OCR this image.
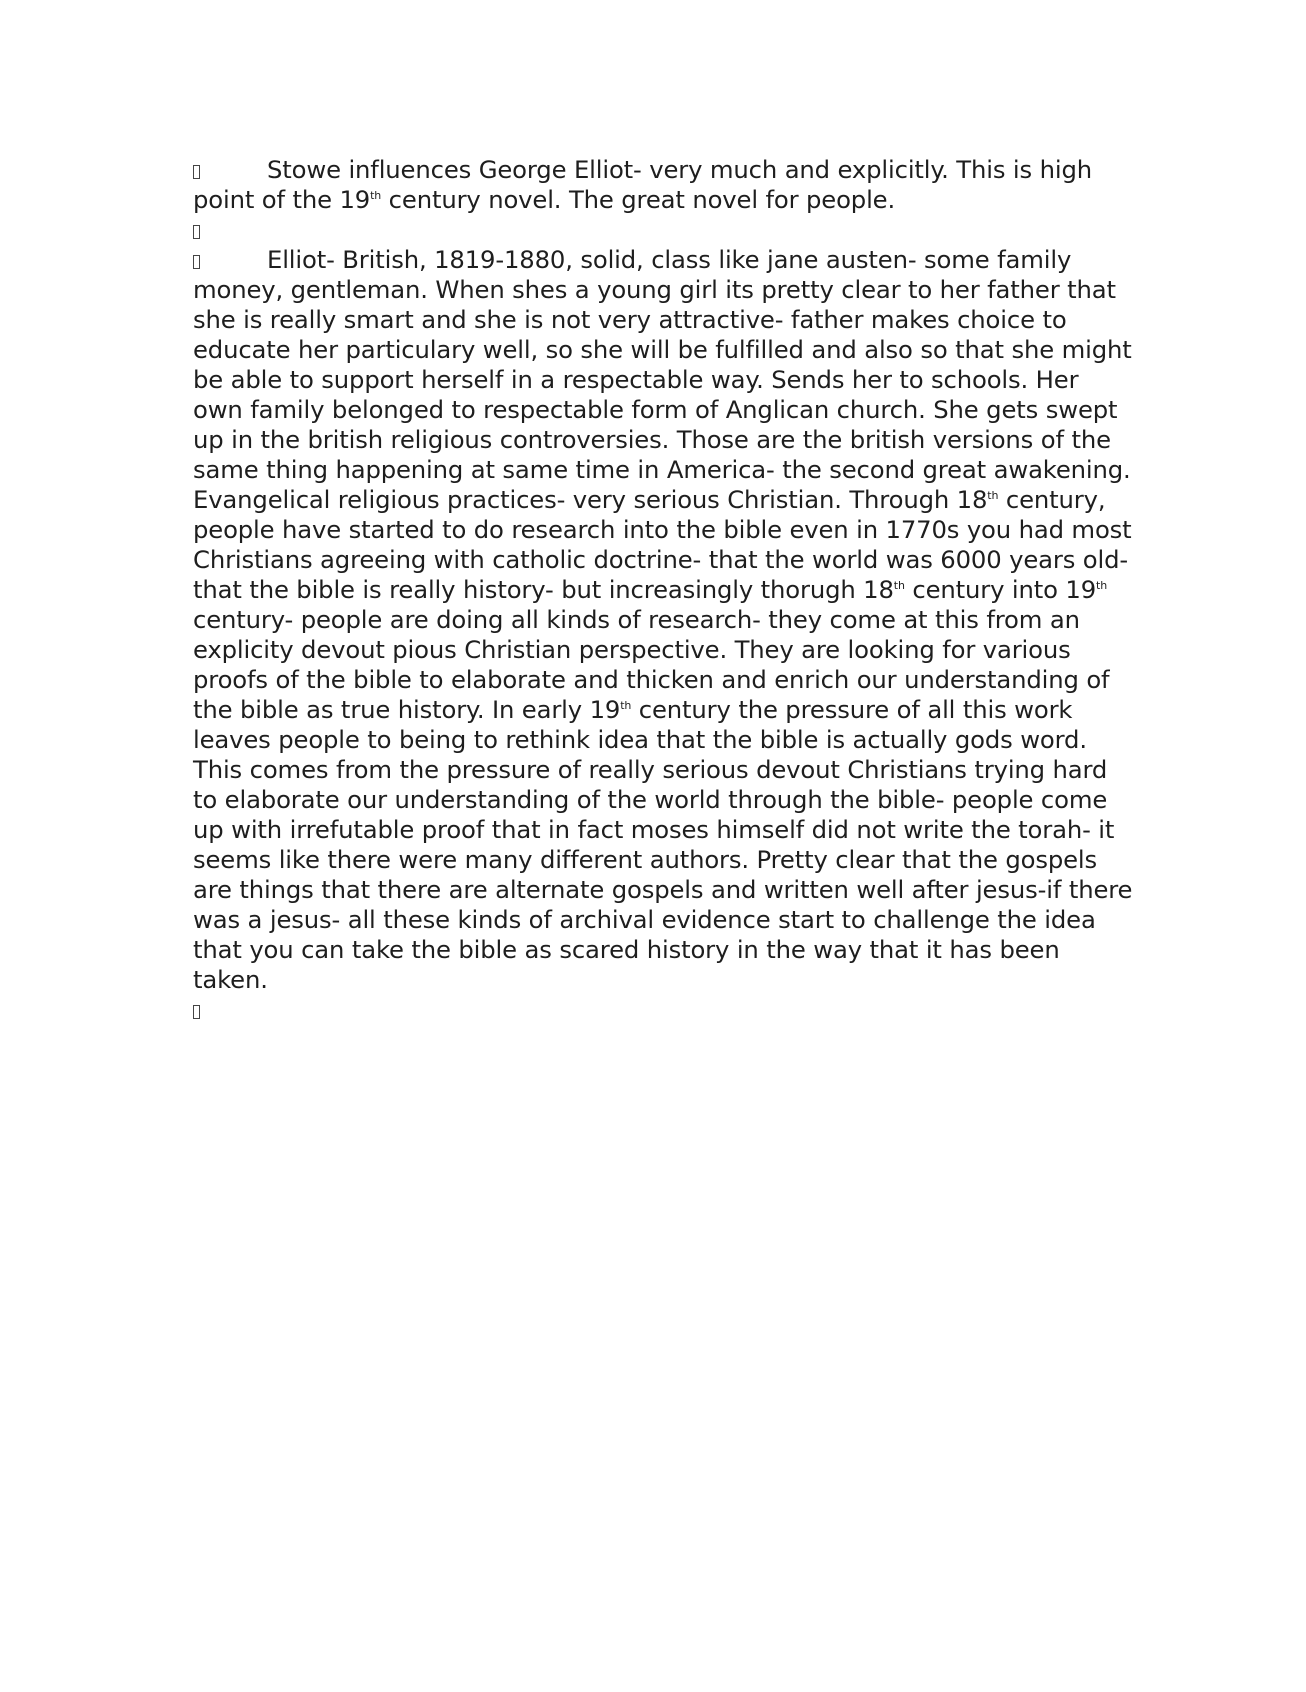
Stowe influences George Elliot- very much and explicitly. This is high point of the 19th century novel. The great novel for people.

Elliot- British, 1819-1880, solid, class like jane austen- some family money, gentleman. When shes a young girl its pretty clear to her father that she is really smart and she is not very attractive- father makes choice to educate her particulary well, so she will be fulfilled and also so that she might be able to support herself in a respectable way. Sends her to schools. Her own family belonged to respectable form of Anglican church. She gets swept up in the british religious controversies. Those are the british versions of the same thing happening at same time in America- the second great awakening. Evangelical religious practices- very serious Christian. Through 18th century, people have started to do research into the bible even in 1770s you had most Christians agreeing with catholic doctrine- that the world was 6000 years old- that the bible is really history- but increasingly thorugh 18th century into 19th century- people are doing all kinds of research- they come at this from an explicity devout pious Christian perspective. They are looking for various proofs of the bible to elaborate and thicken and enrich our understanding of the bible as true history. In early 19th century the pressure of all this work leaves people to being to rethink idea that the bible is actually gods word. This comes from the pressure of really serious devout Christians trying hard to elaborate our understanding of the world through the bible- people come up with irrefutable proof that in fact moses himself did not write the torah- it seems like there were many different authors. Pretty clear that the gospels are things that there are alternate gospels and written well after jesus-if there was a jesus- all these kinds of archival evidence start to challenge the idea that you can take the bible as scared history in the way that it has been taken.
